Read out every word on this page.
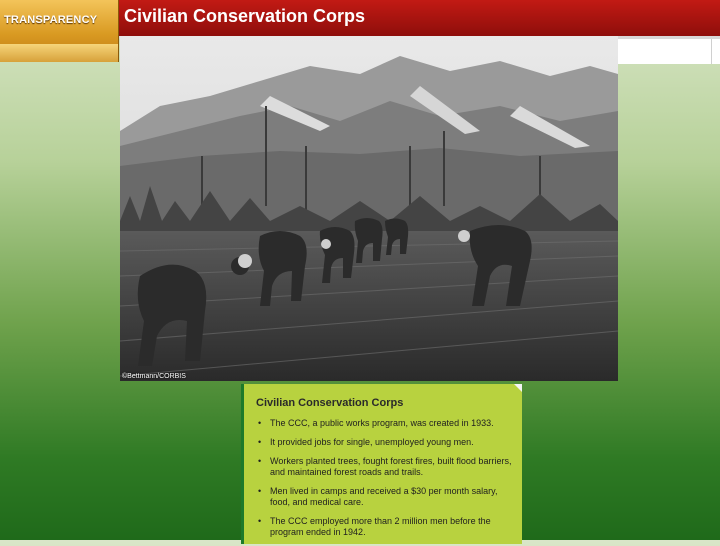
TRANSPARENCY Civilian Conservation Corps
©Bettmann/CORBIS
Civilian Conservation Corps
• The CCC, a public works program, was created in 1933.
• It provided jobs for single, unemployed young men.
• Workers planted trees, fought forest fires, built flood barriers, and maintained forest roads and trails.
• Men lived in camps and received a $30 per month salary, food, and medical care.
• The CCC employed more than 2 million men before the program ended in 1942.
